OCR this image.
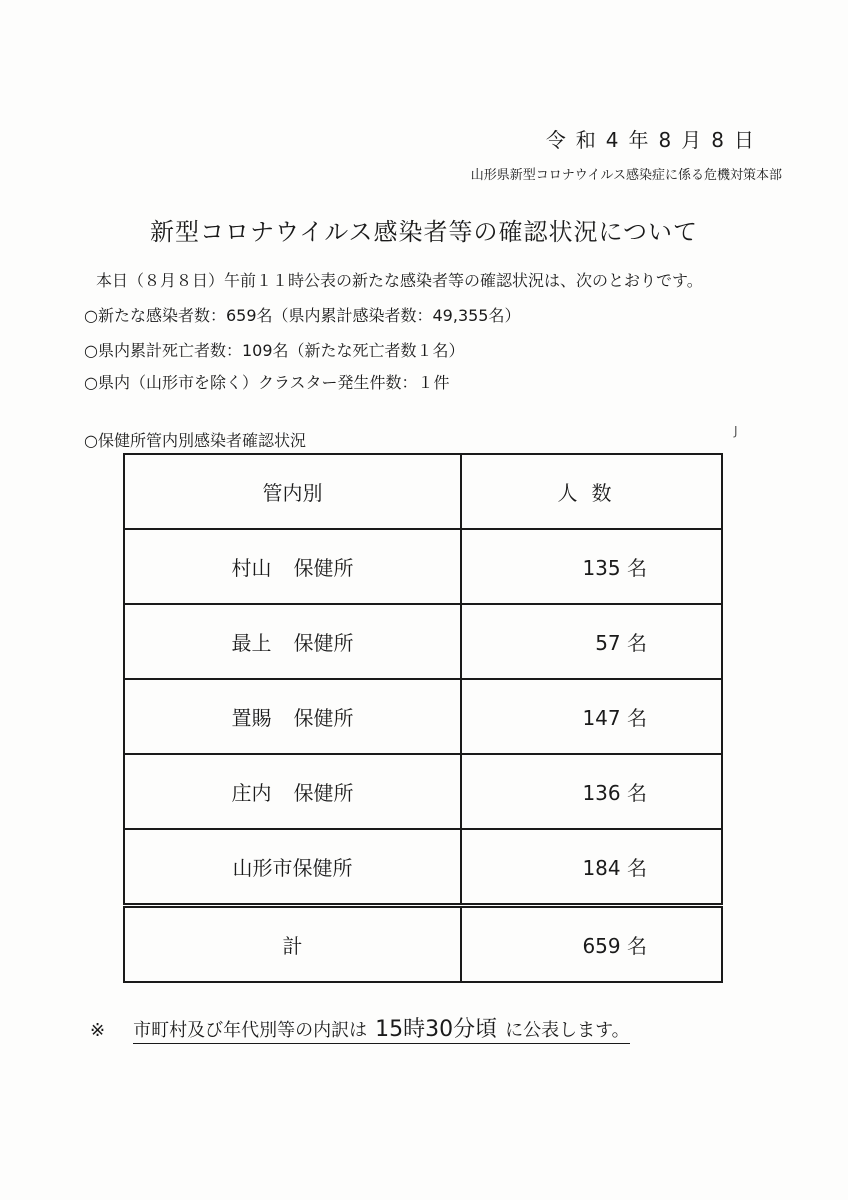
令和4年8月8日
山形県新型コロナウイルス感染症に係る危機対策本部
新型コロナウイルス感染者等の確認状況について
本日（８月８日）午前１１時公表の新たな感染者等の確認状況は、次のとおりです。
○新たな感染者数：659名（県内累計感染者数：49,355名）
○県内累計死亡者数：109名（新たな死亡者数１名）
○県内（山形市を除く）クラスター発生件数：１件
○保健所管内別感染者確認状況	J
管内別	人数
村山 保健所	135 名
最上 保健所	57 名
置賜 保健所	147 名
庄内 保健所	136 名
山形市保健所	184 名
計	659 名
※ 市町村及び年代別等の内訳は 15時30分頃 に公表します。
